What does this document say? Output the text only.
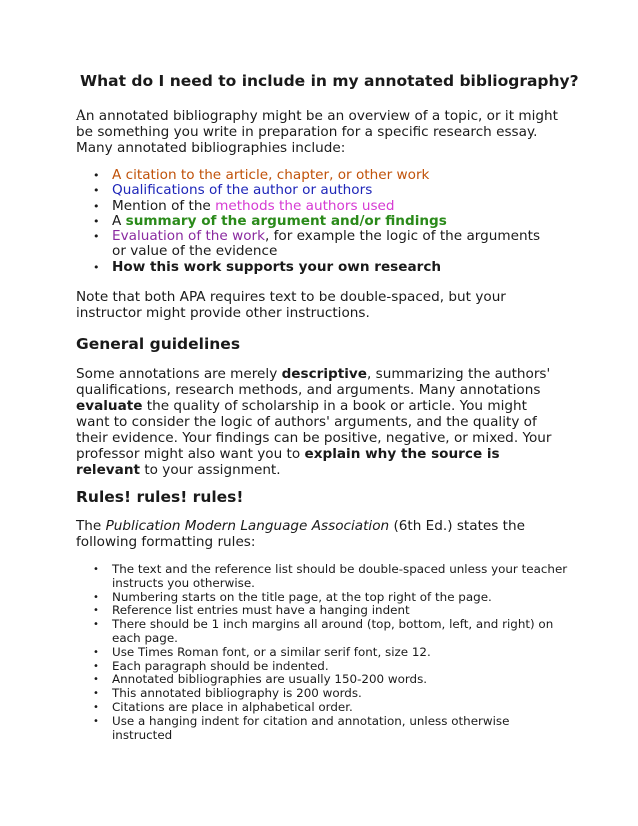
What do I need to include in my annotated bibliography?

An annotated bibliography might be an overview of a topic, or it might be something you write in preparation for a specific research essay. Many annotated bibliographies include:

• A citation to the article, chapter, or other work
• Qualifications of the author or authors
• Mention of the methods the authors used
• A summary of the argument and/or findings
• Evaluation of the work, for example the logic of the arguments or value of the evidence
• How this work supports your own research

Note that both APA requires text to be double-spaced, but your instructor might provide other instructions.

General guidelines

Some annotations are merely descriptive, summarizing the authors' qualifications, research methods, and arguments. Many annotations evaluate the quality of scholarship in a book or article. You might want to consider the logic of authors' arguments, and the quality of their evidence. Your findings can be positive, negative, or mixed. Your professor might also want you to explain why the source is relevant to your assignment.

Rules! rules! rules!

The Publication Modern Language Association (6th Ed.) states the following formatting rules:

• The text and the reference list should be double-spaced unless your teacher instructs you otherwise.
• Numbering starts on the title page, at the top right of the page.
• Reference list entries must have a hanging indent
• There should be 1 inch margins all around (top, bottom, left, and right) on each page.
• Use Times Roman font, or a similar serif font, size 12.
• Each paragraph should be indented.
• Annotated bibliographies are usually 150-200 words.
• This annotated bibliography is 200 words.
• Citations are place in alphabetical order.
• Use a hanging indent for citation and annotation, unless otherwise instructed
